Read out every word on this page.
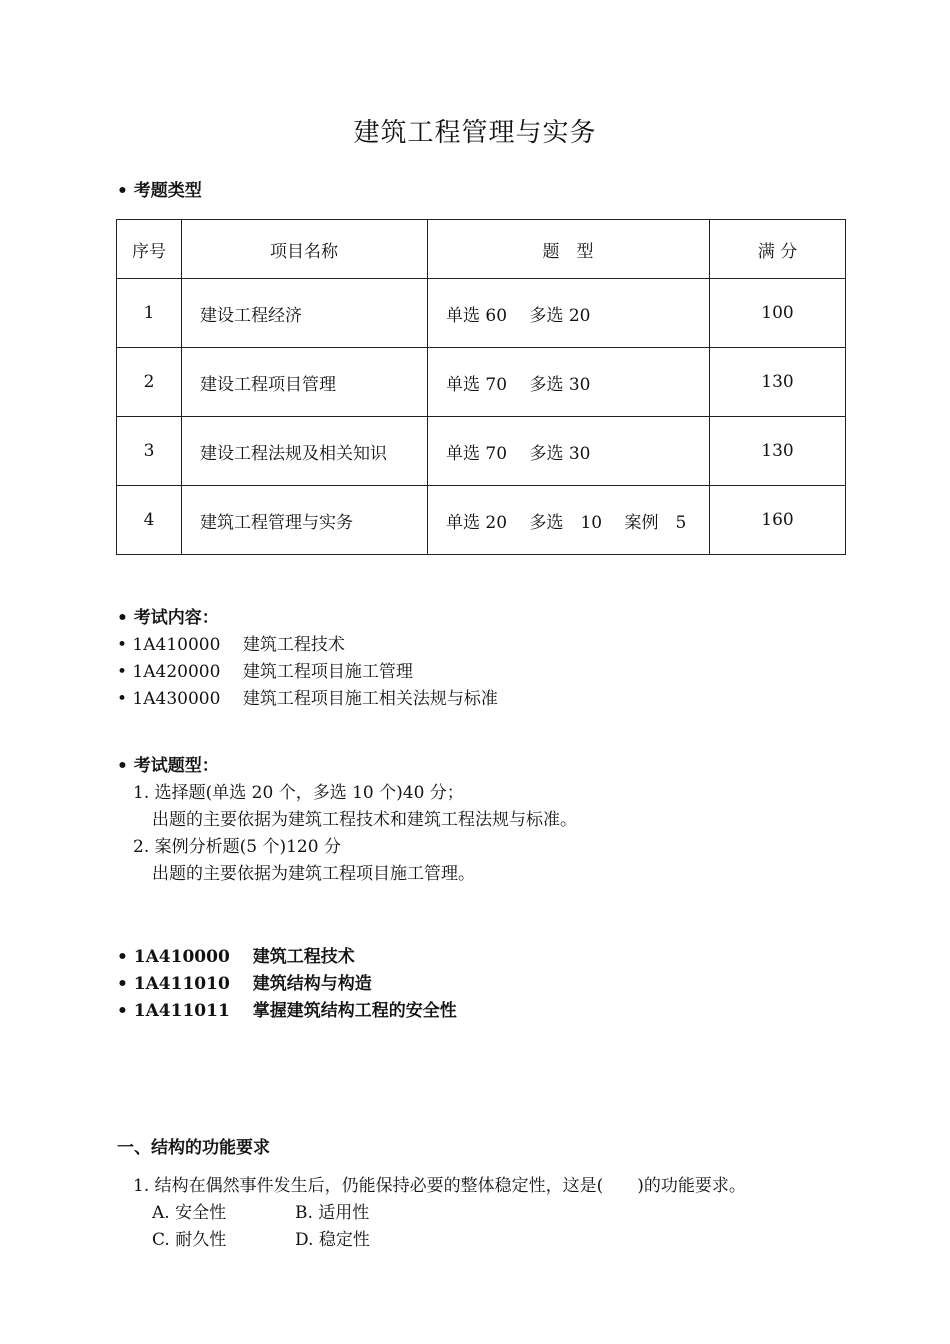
建筑工程管理与实务
• 考题类型
序号	项目名称	题　型	满 分
1	建设工程经济	单选 60　 多选 20	100
2	建设工程项目管理	单选 70　 多选 30	130
3	建设工程法规及相关知识	单选 70　 多选 30	130
4	建筑工程管理与实务	单选 20　 多选　10　 案例　5	160
• 考试内容：
• 1A410000　 建筑工程技术
• 1A420000　 建筑工程项目施工管理
• 1A430000　 建筑工程项目施工相关法规与标准
• 考试题型：
1. 选择题(单选 20 个，多选 10 个)40 分；
出题的主要依据为建筑工程技术和建筑工程法规与标准。
2. 案例分析题(5 个)120 分
出题的主要依据为建筑工程项目施工管理。
• 1A410000　 建筑工程技术
• 1A411010　 建筑结构与构造
• 1A411011　 掌握建筑结构工程的安全性
一、结构的功能要求
1. 结构在偶然事件发生后，仍能保持必要的整体稳定性，这是(　　)的功能要求。
A. 安全性	B. 适用性
C. 耐久性	D. 稳定性
